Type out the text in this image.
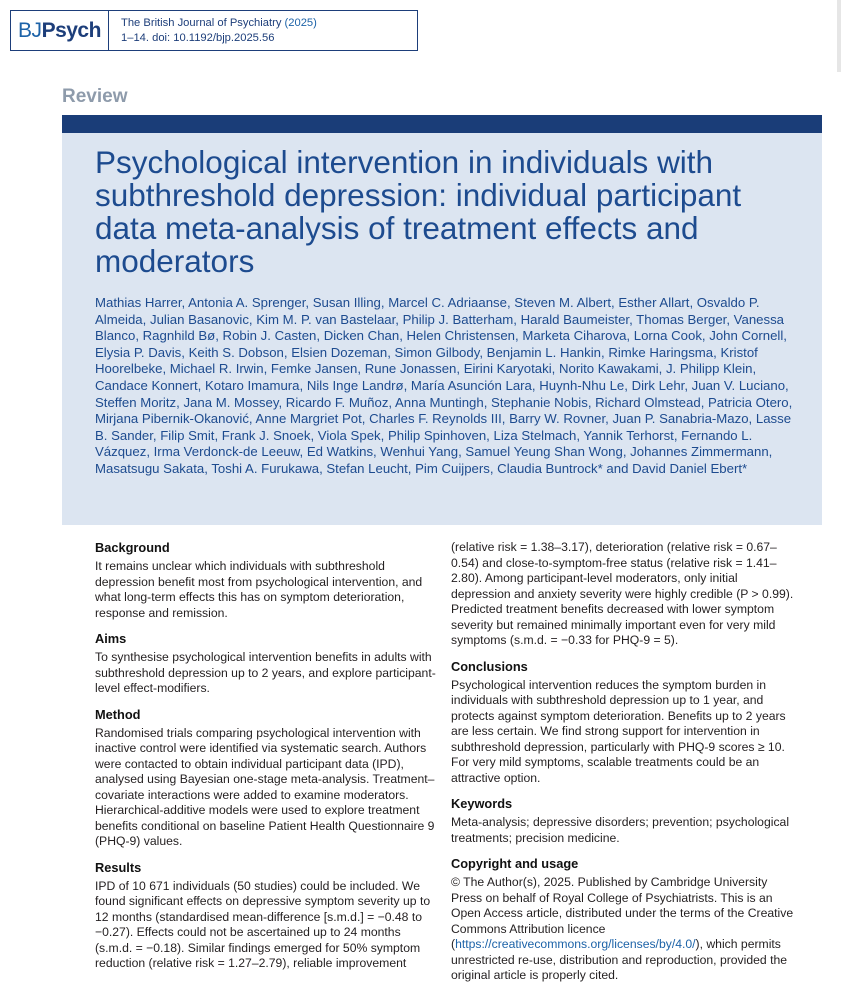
BJ Psych The British Journal of Psychiatry (2025)
1–14. doi: 10.1192/bjp.2025.56
Review
Psychological intervention in individuals with subthreshold depression: individual participant data meta-analysis of treatment effects and moderators

Mathias Harrer, Antonia A. Sprenger, Susan Illing, Marcel C. Adriaanse, Steven M. Albert, Esther Allart, Osvaldo P. Almeida, Julian Basanovic, Kim M. P. van Bastelaar, Philip J. Batterham, Harald Baumeister, Thomas Berger, Vanessa Blanco, Ragnhild Bø, Robin J. Casten, Dicken Chan, Helen Christensen, Marketa Ciharova, Lorna Cook, John Cornell, Elysia P. Davis, Keith S. Dobson, Elsien Dozeman, Simon Gilbody, Benjamin L. Hankin, Rimke Haringsma, Kristof Hoorelbeke, Michael R. Irwin, Femke Jansen, Rune Jonassen, Eirini Karyotaki, Norito Kawakami, J. Philipp Klein, Candace Konnert, Kotaro Imamura, Nils Inge Landrø, María Asunción Lara, Huynh-Nhu Le, Dirk Lehr, Juan V. Luciano, Steffen Moritz, Jana M. Mossey, Ricardo F. Muñoz, Anna Muntingh, Stephanie Nobis, Richard Olmstead, Patricia Otero, Mirjana Pibernik-Okanović, Anne Margriet Pot, Charles F. Reynolds III, Barry W. Rovner, Juan P. Sanabria-Mazo, Lasse B. Sander, Filip Smit, Frank J. Snoek, Viola Spek, Philip Spinhoven, Liza Stelmach, Yannik Terhorst, Fernando L. Vázquez, Irma Verdonck-de Leeuw, Ed Watkins, Wenhui Yang, Samuel Yeung Shan Wong, Johannes Zimmermann, Masatsugu Sakata, Toshi A. Furukawa, Stefan Leucht, Pim Cuijpers, Claudia Buntrock* and David Daniel Ebert*

Background

It remains unclear which individuals with subthreshold depression benefit most from psychological intervention, and what long-term effects this has on symptom deterioration, response and remission.

Aims

To synthesise psychological intervention benefits in adults with subthreshold depression up to 2 years, and explore participant-level effect-modifiers.

Method

Randomised trials comparing psychological intervention with inactive control were identified via systematic search. Authors were contacted to obtain individual participant data (IPD), analysed using Bayesian one-stage meta-analysis. Treatment–covariate interactions were added to examine moderators. Hierarchical-additive models were used to explore treatment benefits conditional on baseline Patient Health Questionnaire 9 (PHQ-9) values.

Results

IPD of 10 671 individuals (50 studies) could be included. We found significant effects on depressive symptom severity up to 12 months (standardised mean-difference [s.m.d.] = −0.48 to −0.27). Effects could not be ascertained up to 24 months (s.m.d. = −0.18). Similar findings emerged for 50% symptom reduction (relative risk = 1.27–2.79), reliable improvement

(relative risk = 1.38–3.17), deterioration (relative risk = 0.67–0.54) and close-to-symptom-free status (relative risk = 1.41–2.80). Among participant-level moderators, only initial depression and anxiety severity were highly credible (P > 0.99). Predicted treatment benefits decreased with lower symptom severity but remained minimally important even for very mild symptoms (s.m.d. = −0.33 for PHQ-9 = 5).

Conclusions

Psychological intervention reduces the symptom burden in individuals with subthreshold depression up to 1 year, and protects against symptom deterioration. Benefits up to 2 years are less certain. We find strong support for intervention in subthreshold depression, particularly with PHQ-9 scores ≥ 10. For very mild symptoms, scalable treatments could be an attractive option.

Keywords

Meta-analysis; depressive disorders; prevention; psychological treatments; precision medicine.

Copyright and usage

© The Author(s), 2025. Published by Cambridge University Press on behalf of Royal College of Psychiatrists. This is an Open Access article, distributed under the terms of the Creative Commons Attribution licence (https://creativecommons.org/licenses/by/4.0/), which permits unrestricted re-use, distribution and reproduction, provided the original article is properly cited.
